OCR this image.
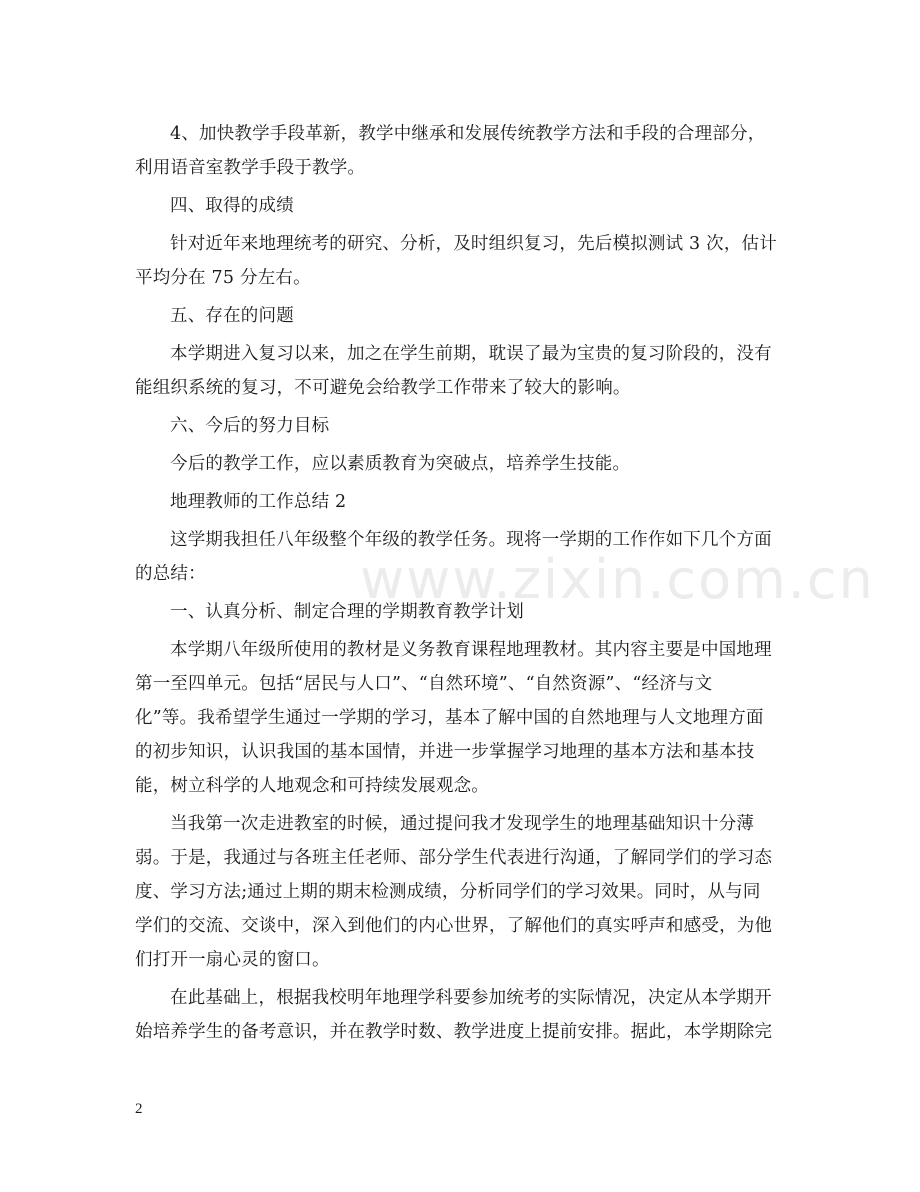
4、加快教学手段革新，教学中继承和发展传统教学方法和手段的合理部分，
利用语音室教学手段于教学。

四、取得的成绩

针对近年来地理统考的研究、分析，及时组织复习，先后模拟测试 3 次，估计
平均分在 75 分左右。

五、存在的问题

本学期进入复习以来，加之在学生前期，耽误了最为宝贵的复习阶段的，没有
能组织系统的复习，不可避免会给教学工作带来了较大的影响。

六、今后的努力目标

今后的教学工作，应以素质教育为突破点，培养学生技能。

地理教师的工作总结 2

这学期我担任八年级整个年级的教学任务。现将一学期的工作作如下几个方面
的总结：

一、认真分析、制定合理的学期教育教学计划

本学期八年级所使用的教材是义务教育课程地理教材。其内容主要是中国地理
第一至四单元。包括“居民与人口”、“自然环境”、“自然资源”、“经济与文
化”等。我希望学生通过一学期的学习，基本了解中国的自然地理与人文地理方面
的初步知识，认识我国的基本国情，并进一步掌握学习地理的基本方法和基本技
能，树立科学的人地观念和可持续发展观念。

当我第一次走进教室的时候，通过提问我才发现学生的地理基础知识十分薄
弱。于是，我通过与各班主任老师、部分学生代表进行沟通，了解同学们的学习态
度、学习方法;通过上期的期末检测成绩，分析同学们的学习效果。同时，从与同
学们的交流、交谈中，深入到他们的内心世界，了解他们的真实呼声和感受，为他
们打开一扇心灵的窗口。

在此基础上，根据我校明年地理学科要参加统考的实际情况，决定从本学期开
始培养学生的备考意识，并在教学时数、教学进度上提前安排。据此，本学期除完

www.zixin.com.cn
2
